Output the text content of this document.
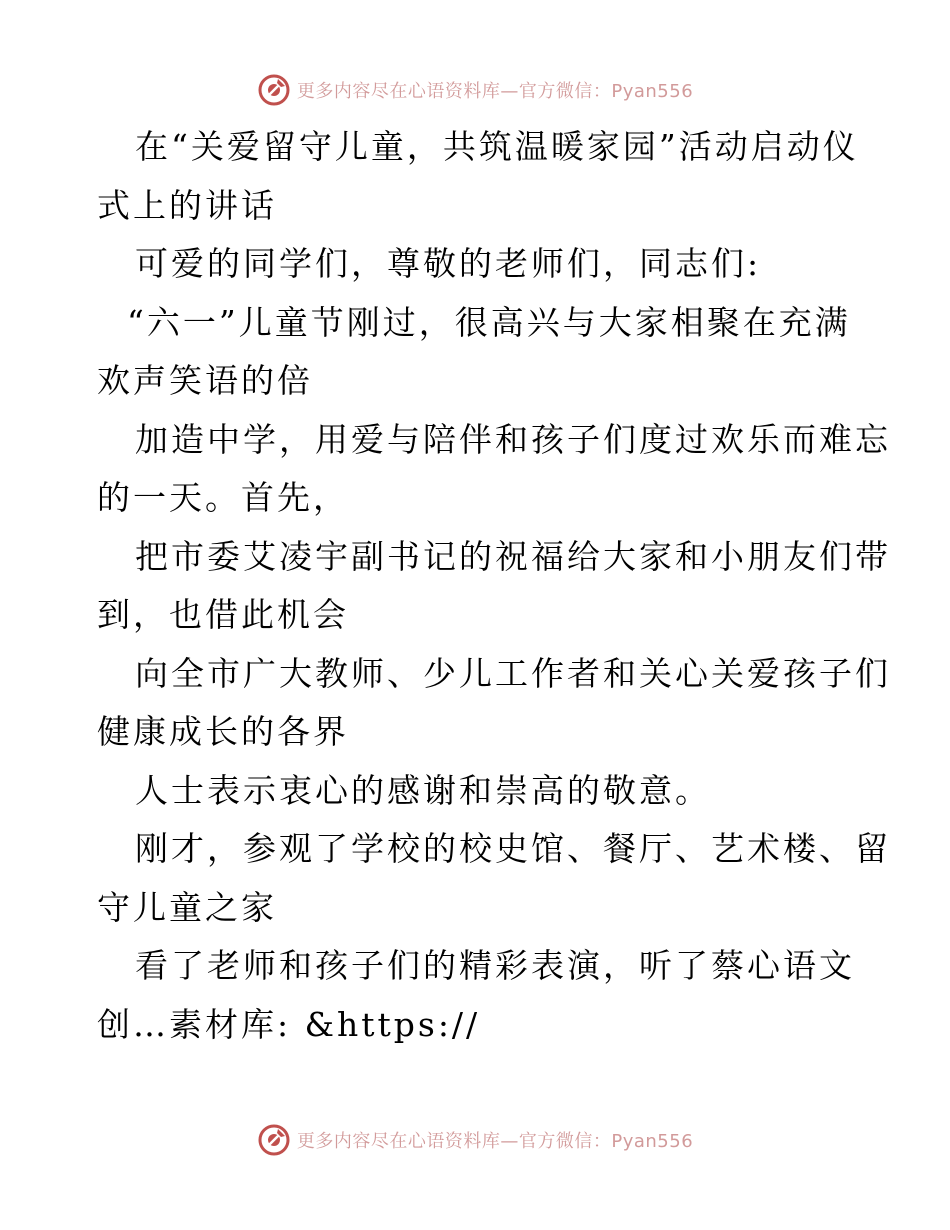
更多内容尽在心语资料库—官方微信：Pyan556
在“关爱留守儿童，共筑温暖家园”活动启动仪
式上的讲话
可爱的同学们，尊敬的老师们，同志们:
“六一”儿童节刚过，很高兴与大家相聚在充满
欢声笑语的倍
加造中学，用爱与陪伴和孩子们度过欢乐而难忘
的一天。首先，
把市委艾凌宇副书记的祝福给大家和小朋友们带
到，也借此机会
向全市广大教师、少儿工作者和关心关爱孩子们
健康成长的各界
人士表示衷心的感谢和崇高的敬意。
刚才，参观了学校的校史馆、餐厅、艺术楼、留
守儿童之家
看了老师和孩子们的精彩表演，听了蔡心语文
创…素材库: &https://
更多内容尽在心语资料库—官方微信：Pyan556
